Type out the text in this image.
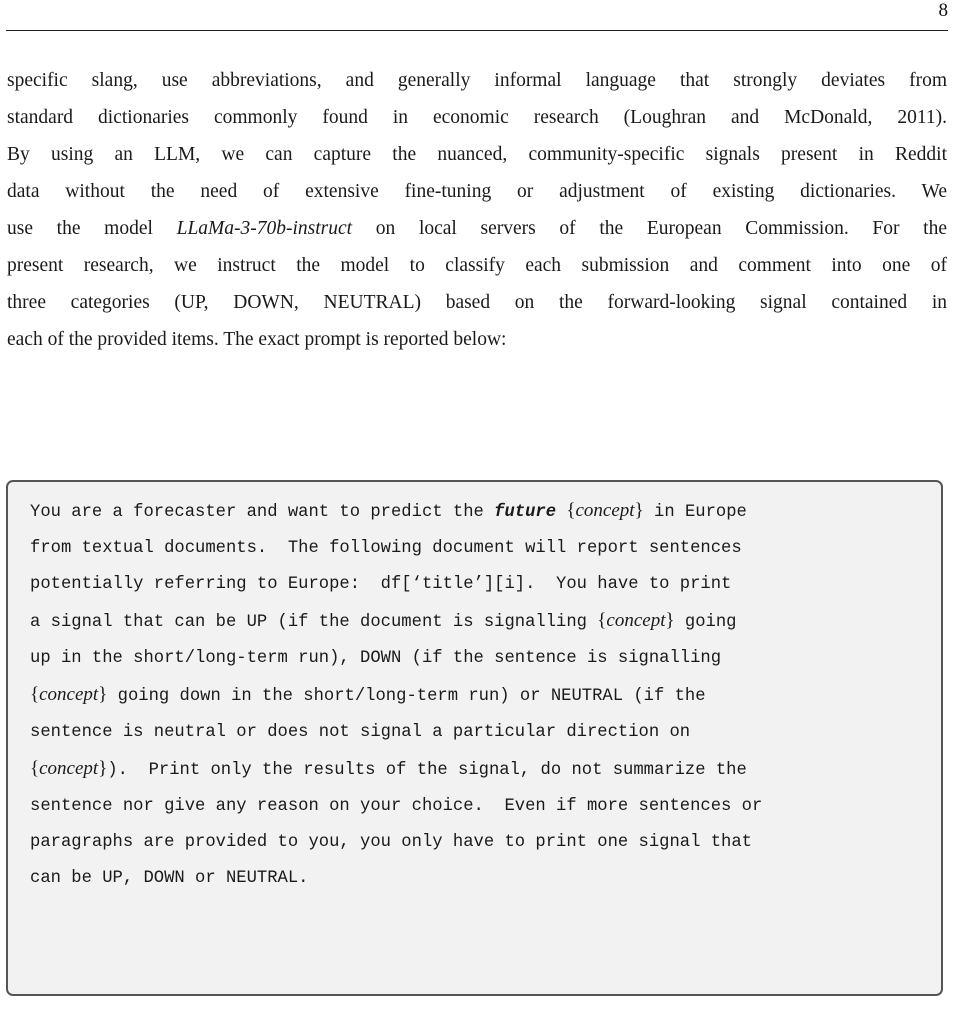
8

specific slang, use abbreviations, and generally informal language that strongly deviates from
standard dictionaries commonly found in economic research (Loughran and McDonald, 2011).
By using an LLM, we can capture the nuanced, community-specific signals present in Reddit
data without the need of extensive fine-tuning or adjustment of existing dictionaries. We
use the model LLaMa-3-70b-instruct on local servers of the European Commission. For the
present research, we instruct the model to classify each submission and comment into one of
three categories (UP, DOWN, NEUTRAL) based on the forward-looking signal contained in
each of the provided items. The exact prompt is reported below:

You are a forecaster and want to predict the future {concept} in Europe
from textual documents.  The following document will report sentences
potentially referring to Europe:  df[‘title’][i].  You have to print
a signal that can be UP (if the document is signalling {concept} going
up in the short/long-term run), DOWN (if the sentence is signalling
{concept} going down in the short/long-term run) or NEUTRAL (if the
sentence is neutral or does not signal a particular direction on
{concept}).  Print only the results of the signal, do not summarize the
sentence nor give any reason on your choice.  Even if more sentences or
paragraphs are provided to you, you only have to print one signal that
can be UP, DOWN or NEUTRAL.
